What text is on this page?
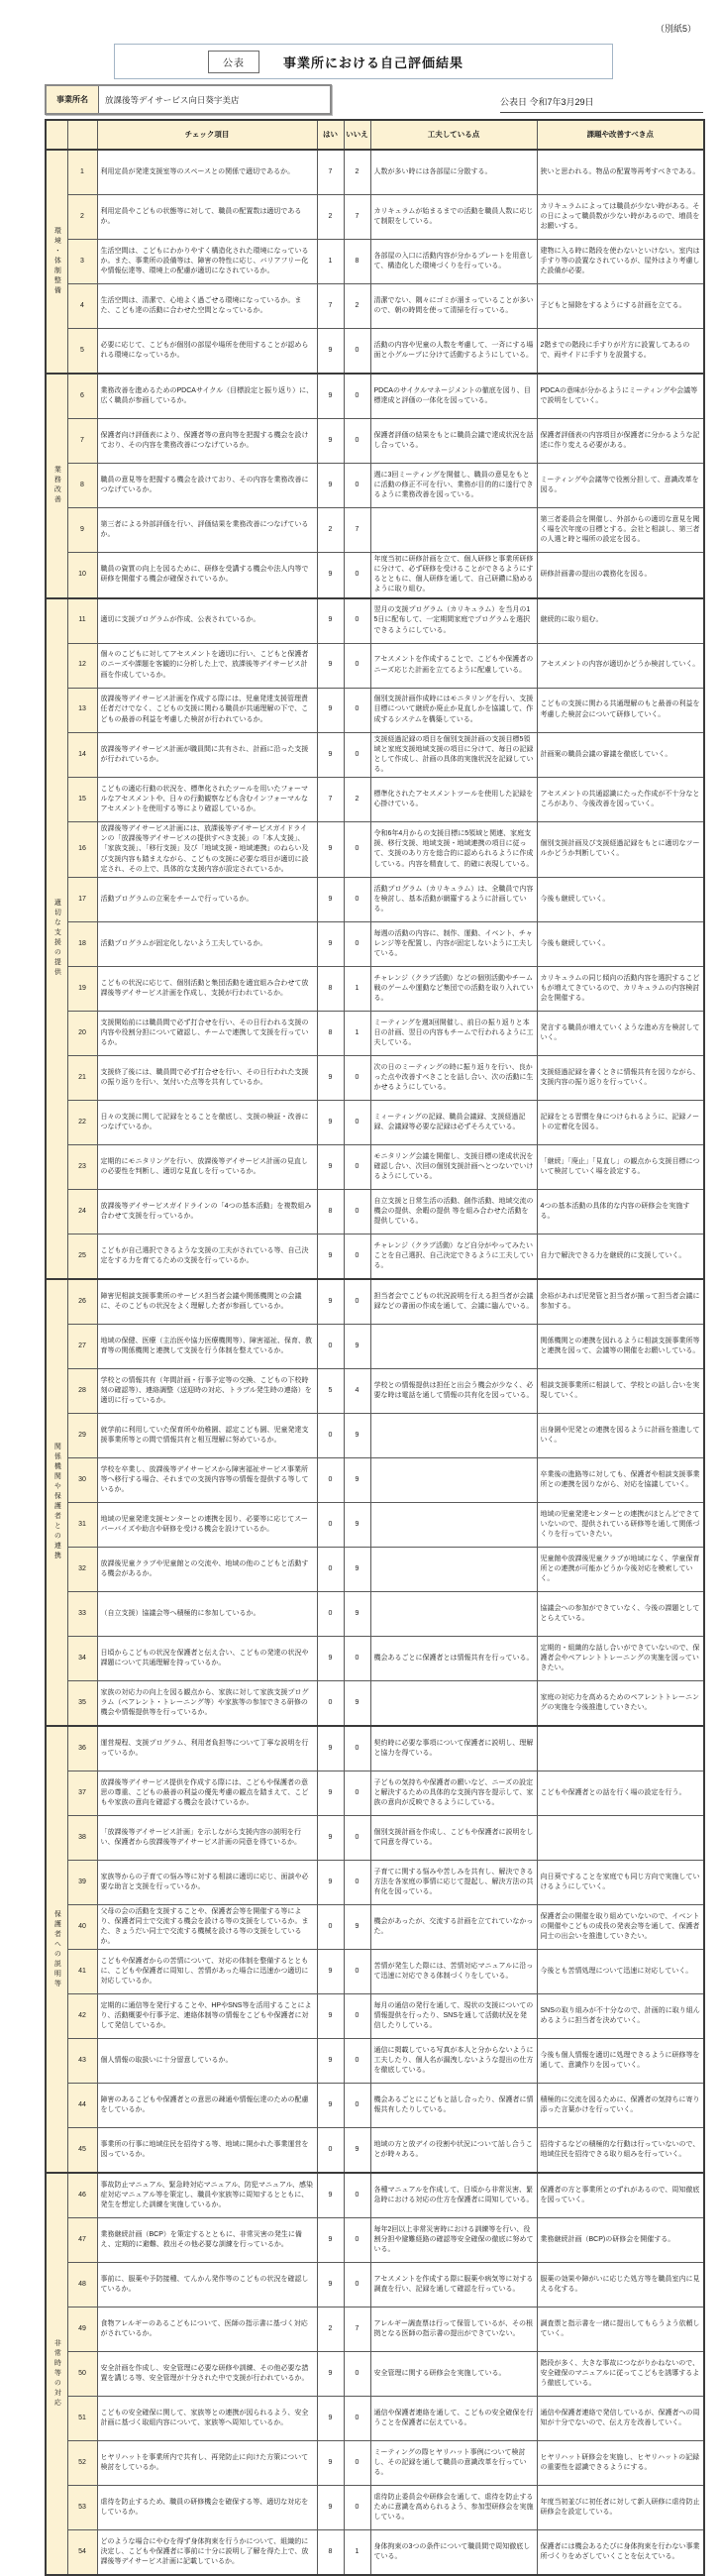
（別紙5）
公表	事業所における自己評価結果
事業所名	放課後等デイサービス向日葵宇美店	公表日 令和7年3月29日
		チェック項目	はい	いいえ	工夫している点	課題や改善すべき点
環境・体制整備	1	利用定員が発達支援室等のスペースとの関係で適切であるか。	7	2	人数が多い時には各部屋に分散する。	狭いと思われる。物品の配置等再考すべきである。
	2	利用定員やこどもの状態等に対して、職員の配置数は適切であるか。	2	7	カリキュラムが始まるまでの活動を職員人数に応じて制限をしている。	カリキュラムによっては職員が少ない時がある。その日によって職員数が少ない時があるので、増員をお願いする。
	3	生活空間は、こどもにわかりやすく構造化された環境になっているか。また、事業所の設備等は、障害の特性に応じ、バリアフリー化や情報伝達等、環境上の配慮が適切になされているか。	1	8	各部屋の入口に活動内容が分かるプレートを用意して、構造化した環境づくりを行っている。	建物に入る時に階段を使わないといけない。室内は手すり等の設置なされているが、屋外はより考慮した設備が必要。
	4	生活空間は、清潔で、心地よく過ごせる環境になっているか。また、こども達の活動に合わせた空間となっているか。	7	2	清潔でない、隅々にゴミが溜まっていることが多いので、朝の時間を使って清掃を行っている。	子どもと掃除をするようにする計画を立てる。
	5	必要に応じて、こどもが個別の部屋や場所を使用することが認められる環境になっているか。	9	0	活動の内容や児童の人数を考慮して、一斉にする場面と小グループに分けて活動するようにしている。	2階までの階段に手すりが片方に設置してあるので、両サイドに手すりを設置する。
業務改善	6	業務改善を進めるためのPDCAサイクル（目標設定と振り返り）に、広く職員が参画しているか。	9	0	PDCAのサイクルマネージメントの徹底を図り、目標達成と評価の一体化を図っている。	PDCAの意味が分かるようにミーティングや会議等で説明をしていく。
	7	保護者向け評価表により、保護者等の意向等を把握する機会を設けており、その内容を業務改善につなげているか。	9	0	保護者評価の結果をもとに職員会議で達成状況を話し合っている。	保護者評価表の内容項目が保護者に分かるような記述に作り変える必要がある。
	8	職員の意見等を把握する機会を設けており、その内容を業務改善につなげているか。	9	0	週に3回ミーティングを開催し、職員の意見をもとに活動の修正不可を行い、業務が目的的に遂行できるように業務改善を図っている。	ミーティングや会議等で役割分担して、意識改革を図る。
	9	第三者による外部評価を行い、評価結果を業務改善につなげているか。	2	7		第三者委員会を開催し、外部からの適切な意見を聞く場を次年度の目標とする。会社と相談し、第三者の人選と時と場所の設定を図る。
	10	職員の資質の向上を図るために、研修を受講する機会や法人内等で研修を開催する機会が確保されているか。	9	0	年度当初に研修計画を立て、個人研修と事業所研修に分けて、必ず研修を受けることができるようにするとともに、個人研修を通して、自己研鑽に励めるように取り組む。	研修計画書の提出の義務化を図る。
適切な支援の提供	11	適切に支援プログラムが作成、公表されているか。	9	0	翌月の支援プログラム（カリキュラム）を当月の15日に配布して、一定期間家庭でプログラムを選択できるようにしている。	継続的に取り組む。
	12	個々のこどもに対してアセスメントを適切に行い、こどもと保護者のニーズや課題を客観的に分析した上で、放課後等デイサービス計画を作成しているか。	9	0	アセスメントを作成することで、こどもや保護者のニーズ応じた計画を立てるように配慮している。	アセスメントの内容が適切かどうか検討していく。
	13	放課後等デイサービス計画を作成する際には、児童発達支援管理責任者だけでなく、こどもの支援に関わる職員が共通理解の下で、こどもの最善の利益を考慮した検討が行われているか。	9	0	個別支援計画作成時にはモニタリングを行い、支援目標について継続か廃止か見直しかを協議して、作成するシステムを構築している。	こどもの支援に関わる共通理解のもと最善の利益を考慮した検討会について研修していく。
	14	放課後等デイサービス計画が職員間に共有され、計画に沿った支援が行われているか。	9	0	支援経過記録の項目を個別支援計画の支援目標5領域と家庭支援地域支援の項目に分けて、毎日の記録として作成し、計画の具体的実施状況を記録している。	計画案の職員会議の審議を徹底していく。
	15	こどもの適応行動の状況を、標準化されたツールを用いたフォーマルなアセスメントや、日々の行動観察なども含むインフォーマルなアセスメントを使用する等により確認しているか。	7	2	標準化されたアセスメントツールを使用した記録を心掛けている。	アセスメントの共通認識にたった作成が不十分なところがあり、今後改善を図っていく。
	16	放課後等デイサービス計画には、放課後等デイサービスガイドラインの「放課後等デイサービスの提供すべき支援」の「本人支援」、「家族支援」、「移行支援」及び「地域支援・地域連携」のねらい及び支援内容も踏まえながら、こどもの支援に必要な項目が適切に設定され、その上で、具体的な支援内容が設定されているか。	9	0	令和6年4月からの支援目標に5領域と関連、家庭支援、移行支援、地域支援・地域連携の項目に従って、支援のあり方を総合的に認められるように作成している。内容を精査して、的確に表現している。	個別支援計画及び支援経過記録をもとに適切なツールかどうか判断していく。
	17	活動プログラムの立案をチームで行っているか。	9	0	活動プログラム（カリキュラム）は、全職員で内容を検討し、基本活動が網羅するように計画している。	今後も継続していく。
	18	活動プログラムが固定化しないよう工夫しているか。	9	0	毎週の活動の内容に、制作、運動、イベント、チャレンジ等を配置し、内容が固定しないように工夫している。	今後も継続していく。
	19	こどもの状況に応じて、個別活動と集団活動を適宜組み合わせて放課後等デイサービス計画を作成し、支援が行われているか。	8	1	チャレンジ（クラブ活動）などの個別活動やチーム戦のゲームや運動など集団での活動を取り入れている。	カリキュラムの同じ傾向の活動内容を選択するこどもが増えてきているので、カリキュラムの内容検討会を開催する。
	20	支援開始前には職員間で必ず打合せを行い、その日行われる支援の内容や役割分担について確認し、チームで連携して支援を行っているか。	8	1	ミーティングを週3回開催し、前日の振り返りと本日の計画、翌日の内容もチームで行われるように工夫している。	発言する職員が増えていくような進め方を検討していく。
	21	支援終了後には、職員間で必ず打合せを行い、その日行われた支援の振り返りを行い、気付いた点等を共有しているか。	9	0	次の日のミーティングの時に振り返りを行い、良かった点や改善すべきことを話し合い、次の活動に生かせるようにしている。	支援経過記録を書くときに情報共有を図りながら、支援内容の振り返りを行っていく。
	22	日々の支援に関して記録をとることを徹底し、支援の検証・改善につなげているか。	9	0	ミィーティングの記録、職員会議録、支援経過記録、会議録等必要な記録は必ずそろえている。	記録をとる習慣を身につけられるように、記録ノートの定着化を図る。
	23	定期的にモニタリングを行い、放課後等デイサービス計画の見直しの必要性を判断し、適切な見直しを行っているか。	9	0	モニタリング会議を開催し、支援目標の達成状況を確認し合い、次回の個別支援計画へとつないでいけるようにしている。	「継続」「廃止」「見直し」の観点から支援目標について検討していく場を設定する。
	24	放課後等デイサービスガイドラインの「4つの基本活動」を複数組み合わせて支援を行っているか。	8	0	自立支援と日常生活の活動、創作活動、地域交流の機会の提供、余暇の提供 等を組み合わせた活動を提供している。	4つの基本活動の具体的な内容の研修会を実施する。
	25	こどもが自己選択できるような支援の工夫がされている等、自己決定をする力を育てるための支援を行っているか。	9	0	チャレンジ（クラブ活動）など自分がやってみたいことを自己選択、自己決定できるように工夫している。	自力で解決できる力を継続的に支援していく。
関係機関や保護者との連携	26	障害児相談支援事業所のサービス担当者会議や関係機関との会議に、そのこどもの状況をよく理解した者が参画しているか。	9	0	担当者会でこどもの状況説明を行える担当者が会議録などの書面の作成を通して、会議に臨んでいる。	余裕があれば児発管と担当者が揃って担当者会議に参加する。
	27	地域の保健、医療（主治医や協力医療機関等）、障害福祉、保育、教育等の関係機関と連携して支援を行う体制を整えているか。	0	9		関係機関との連携を図れるように相談支援事業所等と連携を図って、会議等の開催をお願いしている。
	28	学校との情報共有（年間計画・行事予定等の交換、こどもの下校時刻の確認等）、連絡調整（送迎時の対応、トラブル発生時の連絡）を適切に行っているか。	5	4	学校との情報提供は担任と出会う機会が少なく、必要な時は電話を通して情報の共有化を図っている。	相談支援事業所に相談して、学校との話し合いを実現していく。
	29	就学前に利用していた保育所や幼稚園、認定こども園、児童発達支援事業所等との間で情報共有と相互理解に努めているか。	0	9		出身園や児発との連携を図るように計画を推進していく。
	30	学校を卒業し、放課後等デイサービスから障害福祉サービス事業所等へ移行する場合、それまでの支援内容等の情報を提供する等しているか。	0	9		卒業後の進路等に対しても、保護者や相談支援事業所との連携を図りながら、対応を協議していく。
	31	地域の児童発達支援センターとの連携を図り、必要等に応じてスーパーバイズや助言や研修を受ける機会を設けているか。	0	9		地域の児童発達センターとの連携がほとんどできていないので、提供されている研修等を通して関係づくりを行っていきたい。
	32	放課後児童クラブや児童館との交流や、地域の他のこどもと活動する機会があるか。	0	9		児童館や放課後児童クラブが地域になく、学童保育所との連携が可能かどうか今後対応を模索していく。
	33	（自立支援）協議会等へ積極的に参加しているか。	0	9		協議会への参加ができていなく、今後の課題としてとらえている。
	34	日頃からこどもの状況を保護者と伝え合い、こどもの発達の状況や課題について共通理解を持っているか。	9	0	機会あるごとに保護者とは情報共有を行っている。	定期的・組織的な話し合いができていないので、保護者会やペアレントトレーニングの実施を図っていきたい。
	35	家族の対応力の向上を図る観点から、家族に対して家族支援プログラム（ペアレント・トレーニング等）や家族等の参加できる研修の機会や情報提供等を行っているか。	0	9		家庭の対応力を高めるためのペアレントトレーニングの実施を今後推進していきたい。
保護者への説明等	36	運営規程、支援プログラム、利用者負担等について丁寧な説明を行っているか。	9	0	契約時に必要な事項について保護者に説明し、理解と協力を得ている。	
	37	放課後等デイサービス提供を作成する際には、こどもや保護者の意思の尊重、こどもの最善の利益の優先考慮の観点を踏まえて、こどもや家族の意向を確認する機会を設けているか。	9	0	子どもの気持ちや保護者の願いなど、ニーズの設定と解決するための具体的な支援内容を提示して、家族の意向が反映できるようにしている。	こどもや保護者との話を行く場の設定を行う。
	38	「放課後等デイサービス計画」を示しながら支援内容の説明を行い、保護者から放課後等デイサービス計画の同意を得ているか。	9	0	個別支援計画を作成し、こどもや保護者に説明をして同意を得ている。	
	39	家族等からの子育ての悩み等に対する相談に適切に応じ、面談や必要な助言と支援を行っているか。	9	0	子育てに関する悩みや苦しみを共有し、解決できる方法を各家庭の事情に応じて提起し、解決方法の共有化を図っている。	向日葵ですることを家庭でも同じ方向で実施していけるようにしていく。
	40	父母の会の活動を支援することや、保護者会等を開催する等により、保護者同士で交流する機会を設ける等の支援をしているか。また、きょうだい同士で交流する機械を設ける等の支援をしているか。	0	9	機会があったが、交流する計画を立てれていなかった。	保護者会の開催を取り組めていないので、イベントの開催やこどもの成長の発表会等を通して、保護者同士の出会いを推進していきたい。
	41	こどもや保護者からの苦情について、対応の体制を整備するとともに、こどもや保護者に周知し、苦情があった場合に迅速かつ適切に対応しているか。	9	0	苦情が発生した際には、苦情対応マニュアルに沿って迅速に対応できる体制づくりをしている。	今後とも苦情処理について迅速に対応していく。
	42	定期的に通信等を発行することや、HPやSNS等を活用することにより、活動概要や行事予定、連絡体制等の情報をこどもや保護者に対して発信しているか。	9	0	毎月の通信の発行を通して、現状の支援についての情報提供を行ったり、SNSを通して活動状況を発信したりしている。	SNSの取り組みが不十分なので、計画的に取り組んめるように担当者を決めていく。
	43	個人情報の取扱いに十分留意しているか。	9	0	通信に掲載している写真が本人と分からないように工夫したり、個人名が漏洩しないような提出の仕方を徹底している。	今後も個人情報を適切に処理できるように研修等を通して、意識作りを図っていく。
	44	障害のあるこどもや保護者との意思の疎通や情報伝達のための配慮をしているか。	9	0	機会あるごとにこどもと話し合ったり、保護者に情報共有したりしている。	積極的に交流を図るために、保護者の気持ちに寄り添った言葉かけを行っていく。
	45	事業所の行事に地域住民を招待する等、地域に開かれた事業運営を図っているか。	0	9	地域の方と放デイの役割や状況について話し合うことが時々ある。	招待するなどの積極的な行動は行っていないので、地域住民を招待できる取り組みを行っていく。
非常時等の対応	46	事故防止マニュアル、緊急時対応マニュアル、防犯マニュアル、感染症対応マニュアル等を策定し、職員や家族等に周知するとともに、発生を想定した訓練を実施しているか。	9	0	各種マニュアルを作成して、日頃から非常災害、緊急時における対応の仕方を保護者に周知している。	保護者の方と事業所とのずれがあるので、周知徹底を図っていく。
	47	業務継続計画（BCP）を策定するとともに、非常災害の発生に備え、定期的に避難、救出その他必要な訓練を行っているか。	9	0	毎年2回以上非常災害時における訓練等を行い、役割分担や避難経路の確認等安全確保の徹底に努めている。	業務継続計画（BCP)の研修会を開催する。
	48	事前に、服薬や予防接種、てんかん発作等のこどもの状況を確認しているか。	9	0	アセスメントを作成する際に服薬や病気等に対する調査を行い、記録を通して確認を行っている。	服薬の効果や障がいに応じた処方等を職員室内に見える化する。
	49	食物アレルギーのあるこどもについて、医師の指示書に基づく対応がされているか。	2	7	アレルギー調査票は行って保管しているが、その根拠となる医師の指示書の提出ができていない。	調査票と指示書を一緒に提出してもらうよう依頼していく。
	50	安全計画を作成し、安全管理に必要な研修や訓練、その他必要な措置を講じる等、安全管理が十分された中で支援が行われているか。	9	0	安全管理に関する研修会を実施している。	階段が多く、大きな事故につながりかねないので、安全確保のマニュアルに従ってこどもを誘導するよう徹底している。
	51	こどもの安全確保に関して、家族等との連携が図られるよう、安全計画に基づく取組内容について、家族等へ周知しているか。	9	0	通信や保護者連絡を通して、こどもの安全確保を行うことを保護者に伝えている。	通信や保護者連絡で発信しているが、保護者への周知が十分でないので、伝え方を改善していく。
	52	ヒヤリハットを事業所内で共有し、再発防止に向けた方策について検討をしているか。	9	0	ミーティングの際ヒヤリハット事例について検討し、その記録を通して職員の意識改革を行っている。	ヒヤリハット研修会を実施し、ヒヤリハットの記録の重要性を認識できるようにする。
	53	虐待を防止するため、職員の研修機会を確保する等、適切な対応をしているか。	9	0	虐待防止委員会や研修会を通して、虐待を防止するために意識を高められるよう、参加型研修会を実施している。	年度当初並びに初任者に対して新人研修に虐待防止研修会を設定している。
	54	どのような場合にやむを得ず身体拘束を行うかについて、組織的に決定し、こどもや保護者に事前に十分に説明し了解を得た上で、放課後等デイサービス計画に記載しているか。	8	1	身体拘束の3つの条件について職員間で周知徹底している。	保護者には機会あるたびに身体拘束を行わない事業所づくりをめざしていくことを伝えている。
